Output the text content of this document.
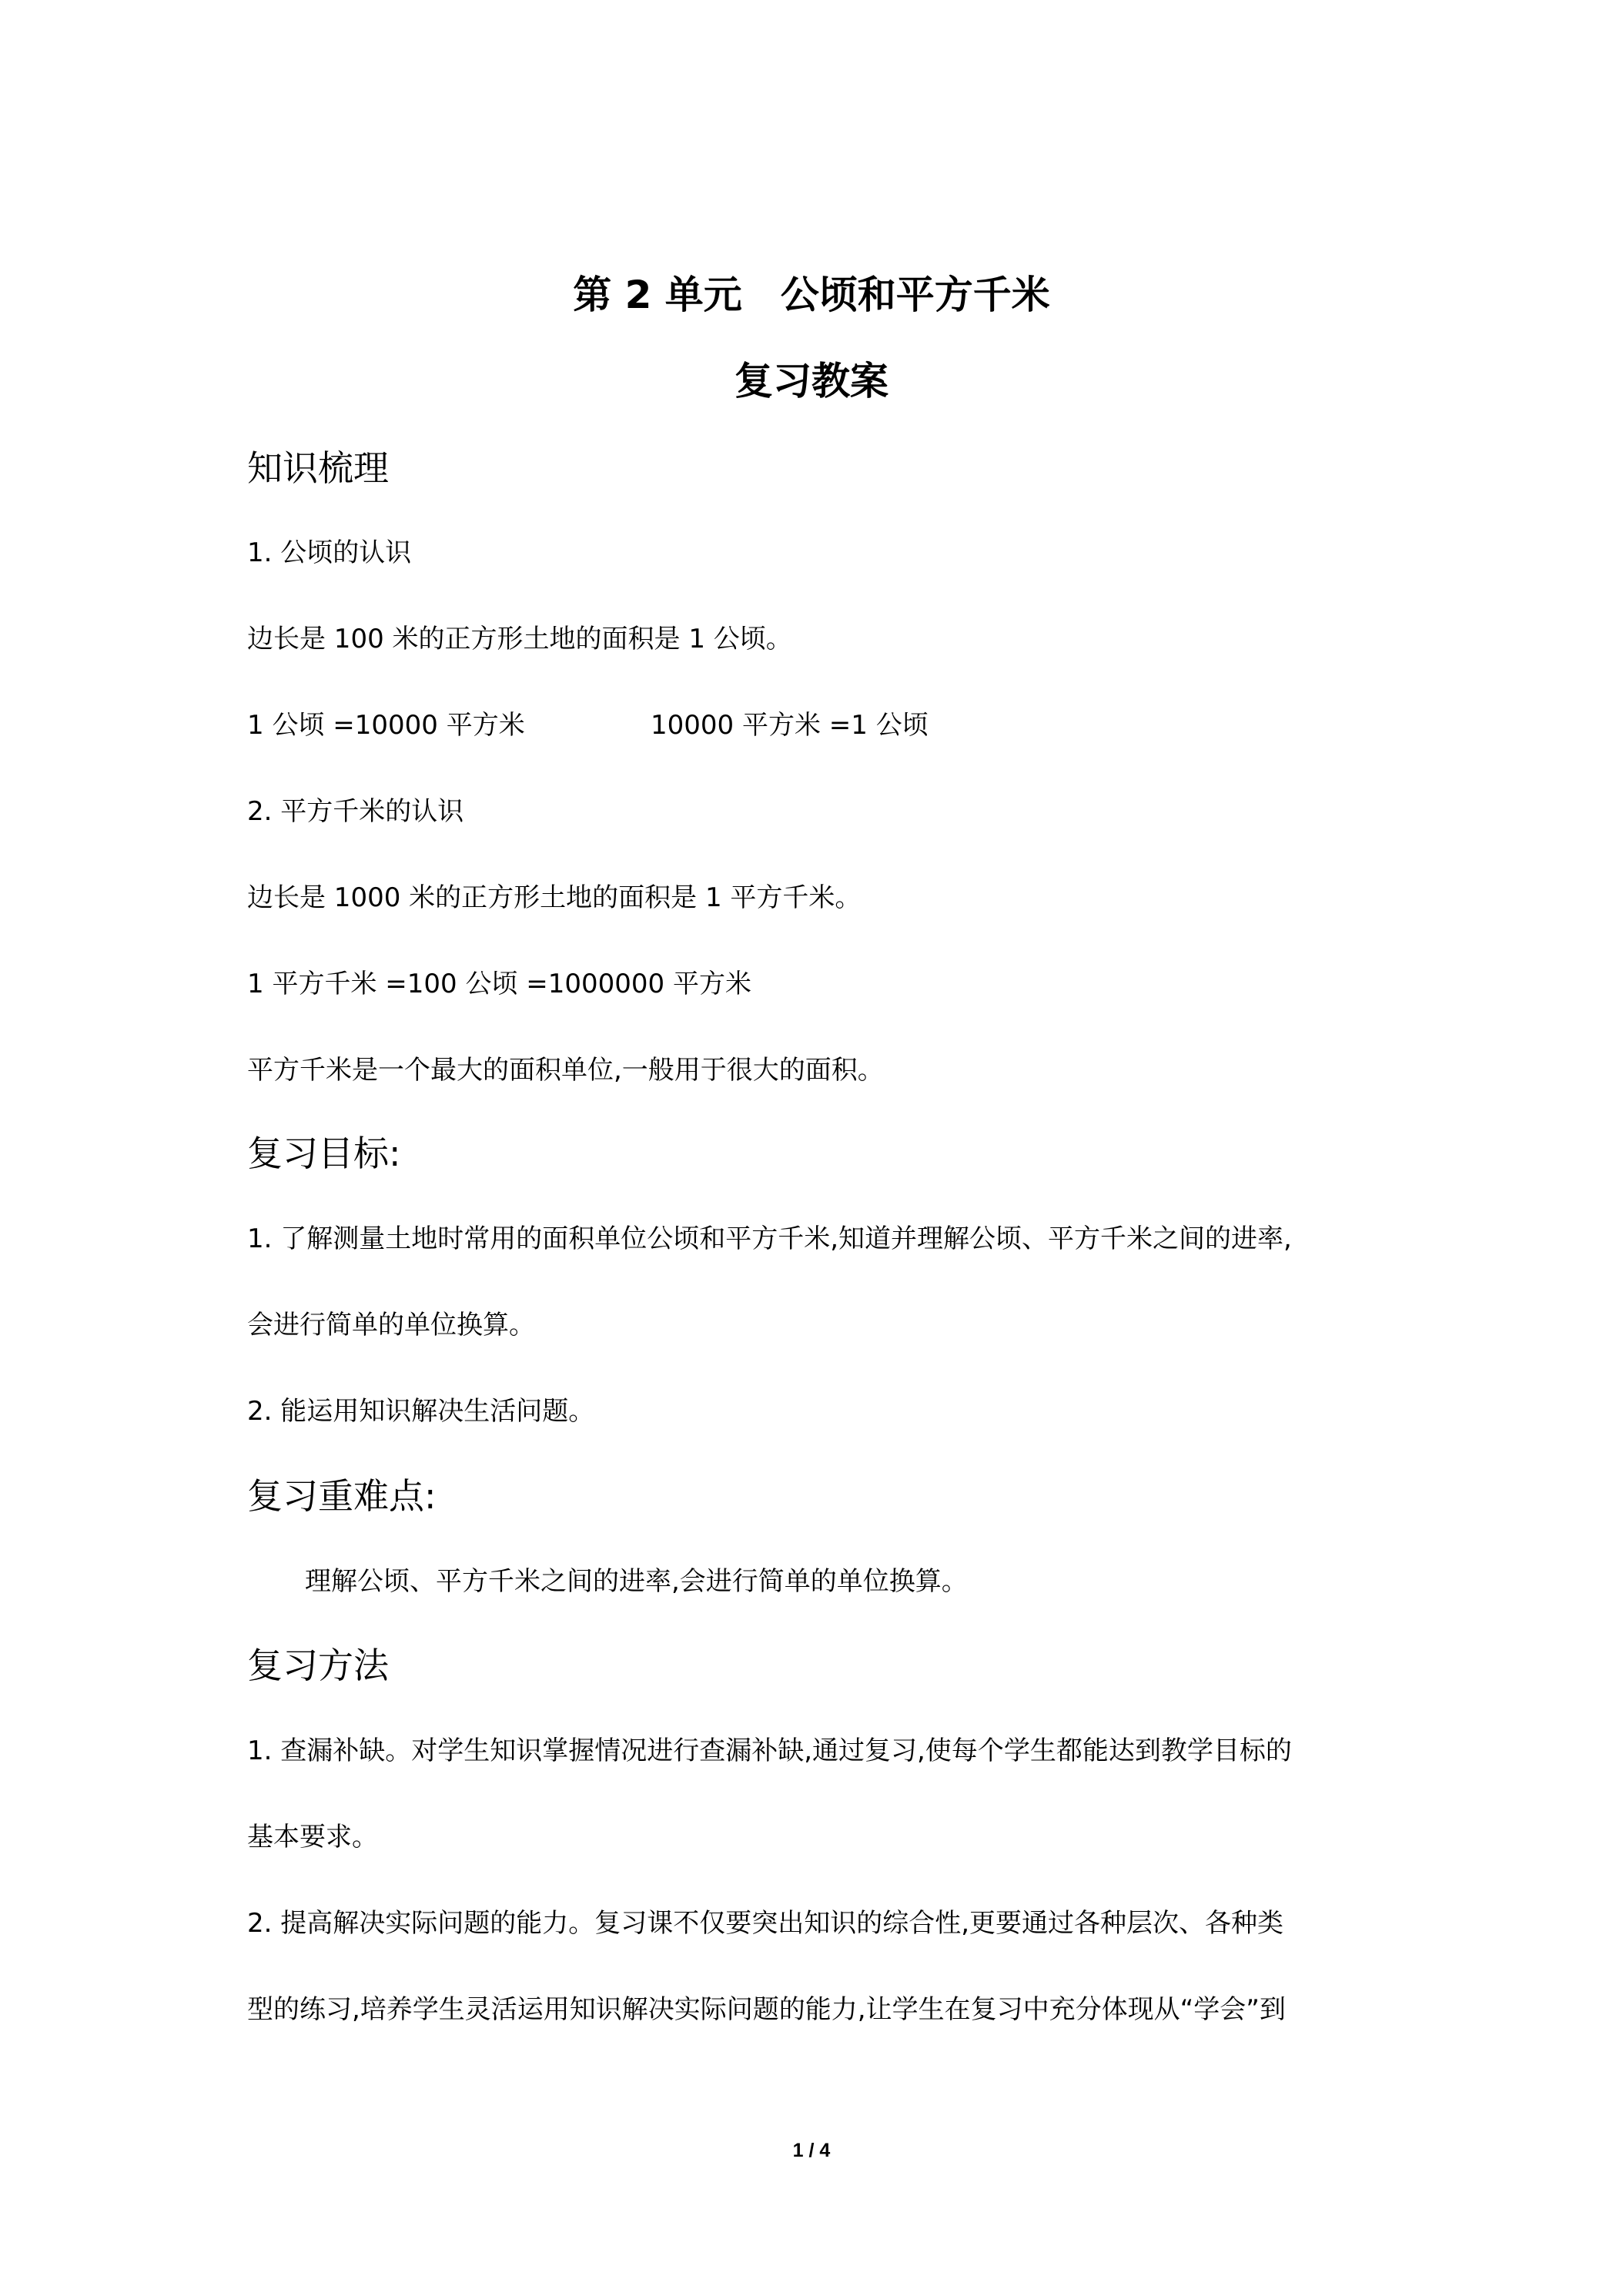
第 2 单元　公顷和平方千米
复习教案
知识梳理
1. 公顷的认识
边长是 100 米的正方形土地的面积是 1 公顷。
1 公顷 =10000 平方米	10000 平方米 =1 公顷
2. 平方千米的认识
边长是 1000 米的正方形土地的面积是 1 平方千米。
1 平方千米 =100 公顷 =1000000 平方米
平方千米是一个最大的面积单位,一般用于很大的面积。
复习目标:
1. 了解测量土地时常用的面积单位公顷和平方千米,知道并理解公顷、平方千米之间的进率,
会进行简单的单位换算。
2. 能运用知识解决生活问题。
复习重难点:
理解公顷、平方千米之间的进率,会进行简单的单位换算。
复习方法
1. 查漏补缺。对学生知识掌握情况进行查漏补缺,通过复习,使每个学生都能达到教学目标的
基本要求。
2. 提高解决实际问题的能力。复习课不仅要突出知识的综合性,更要通过各种层次、各种类
型的练习,培养学生灵活运用知识解决实际问题的能力,让学生在复习中充分体现从“学会”到
1 / 4
